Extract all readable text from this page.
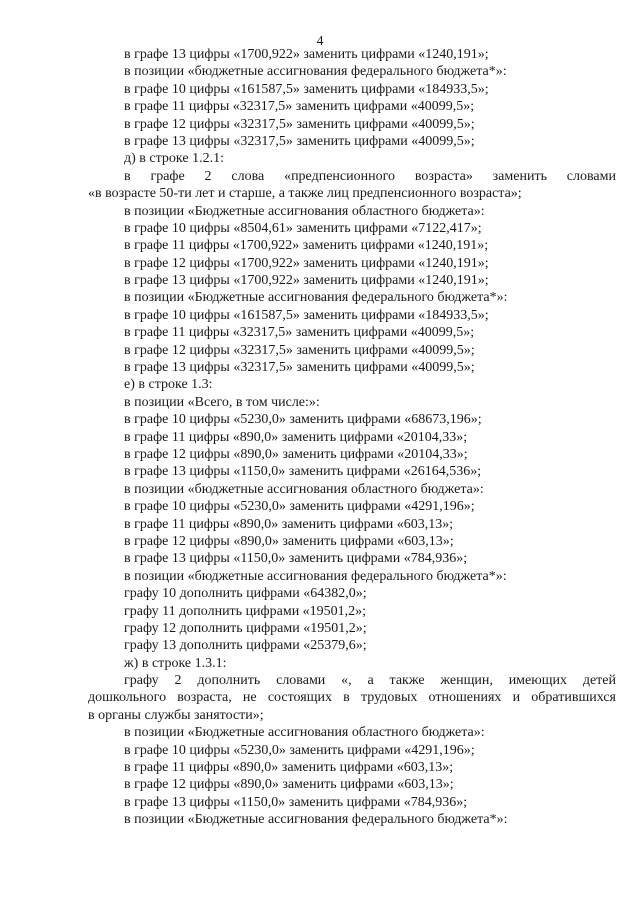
4
в графе 13 цифры «1700,922» заменить цифрами «1240,191»;
в позиции «бюджетные ассигнования федерального бюджета*»:
в графе 10 цифры «161587,5» заменить цифрами «184933,5»;
в графе 11 цифры «32317,5» заменить цифрами «40099,5»;
в графе 12 цифры «32317,5» заменить цифрами «40099,5»;
в графе 13 цифры «32317,5» заменить цифрами «40099,5»;
д) в строке 1.2.1:
в графе 2 слова «предпенсионного возраста» заменить словами
«в возрасте 50-ти лет и старше, а также лиц предпенсионного возраста»;
в позиции «Бюджетные ассигнования областного бюджета»:
в графе 10 цифры «8504,61» заменить цифрами «7122,417»;
в графе 11 цифры «1700,922» заменить цифрами «1240,191»;
в графе 12 цифры «1700,922» заменить цифрами «1240,191»;
в графе 13 цифры «1700,922» заменить цифрами «1240,191»;
в позиции «Бюджетные ассигнования федерального бюджета*»:
в графе 10 цифры «161587,5» заменить цифрами «184933,5»;
в графе 11 цифры «32317,5» заменить цифрами «40099,5»;
в графе 12 цифры «32317,5» заменить цифрами «40099,5»;
в графе 13 цифры «32317,5» заменить цифрами «40099,5»;
е) в строке 1.3:
в позиции «Всего, в том числе:»:
в графе 10 цифры «5230,0» заменить цифрами «68673,196»;
в графе 11 цифры «890,0» заменить цифрами «20104,33»;
в графе 12 цифры «890,0» заменить цифрами «20104,33»;
в графе 13 цифры «1150,0» заменить цифрами «26164,536»;
в позиции «бюджетные ассигнования областного бюджета»:
в графе 10 цифры «5230,0» заменить цифрами «4291,196»;
в графе 11 цифры «890,0» заменить цифрами «603,13»;
в графе 12 цифры «890,0» заменить цифрами «603,13»;
в графе 13 цифры «1150,0» заменить цифрами «784,936»;
в позиции «бюджетные ассигнования федерального бюджета*»:
графу 10 дополнить цифрами «64382,0»;
графу 11 дополнить цифрами «19501,2»;
графу 12 дополнить цифрами «19501,2»;
графу 13 дополнить цифрами «25379,6»;
ж) в строке 1.3.1:
графу 2 дополнить словами «, а также женщин, имеющих детей
дошкольного возраста, не состоящих в трудовых отношениях и обратившихся
в органы службы занятости»;
в позиции «Бюджетные ассигнования областного бюджета»:
в графе 10 цифры «5230,0» заменить цифрами «4291,196»;
в графе 11 цифры «890,0» заменить цифрами «603,13»;
в графе 12 цифры «890,0» заменить цифрами «603,13»;
в графе 13 цифры «1150,0» заменить цифрами «784,936»;
в позиции «Бюджетные ассигнования федерального бюджета*»:
